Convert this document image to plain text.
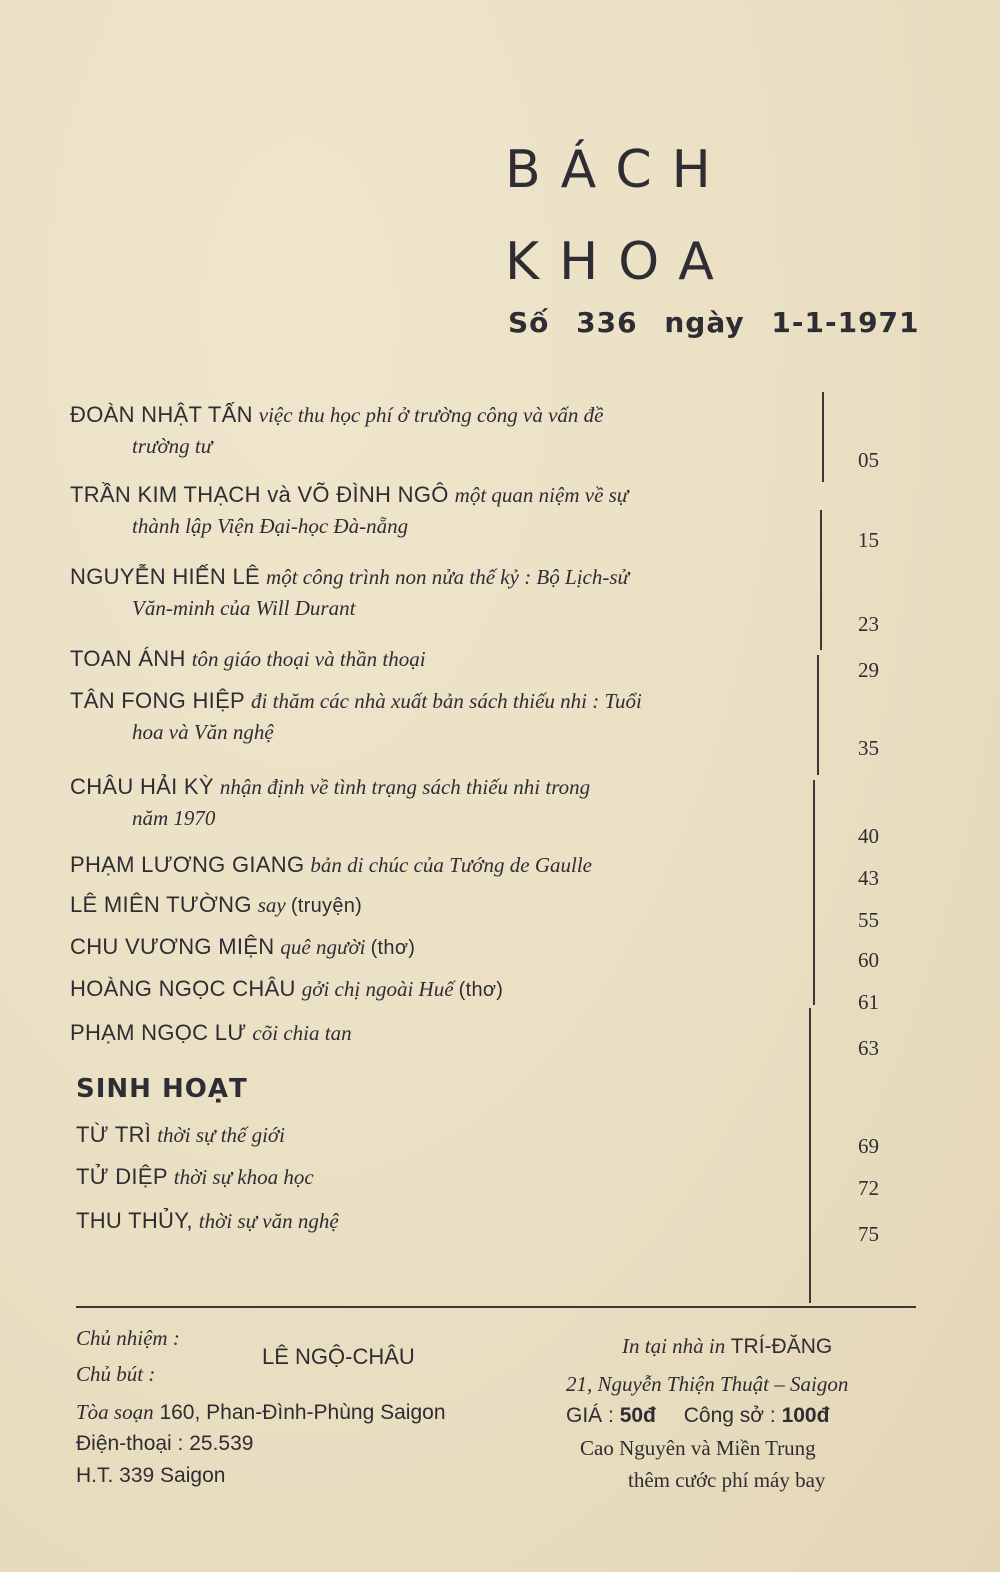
BÁCH
KHOA
Số 336 ngày 1-1-1971
ĐOÀN NHẬT TẤN việc thu học phí ở trường công và vấn đề
trường tư
TRẦN KIM THẠCH và VÕ ĐÌNH NGÔ một quan niệm về sự
thành lập Viện Đại-học Đà-nẵng
NGUYỄN HIẾN LÊ một công trình non nửa thế kỷ : Bộ Lịch-sử
Văn-minh của Will Durant
TOAN ÁNH tôn giáo thoại và thần thoại
TÂN FONG HIỆP đi thăm các nhà xuất bản sách thiếu nhi : Tuổi
hoa và Văn nghệ
CHÂU HẢI KỲ nhận định về tình trạng sách thiếu nhi trong
năm 1970
PHẠM LƯƠNG GIANG bản di chúc của Tướng de Gaulle
LÊ MIÊN TƯỜNG say (truyện)
CHU VƯƠNG MIỆN quê người (thơ)
HOÀNG NGỌC CHÂU gởi chị ngoài Huế (thơ)
PHẠM NGỌC LƯ cõi chia tan
05
15
23
29
35
40
43
55
60
61
63
SINH HOẠT
TỪ TRÌ thời sự thế giới
TỬ DIỆP thời sự khoa học
THU THỦY, thời sự văn nghệ
69
72
75
Chủ nhiệm :
Chủ bút :
LÊ NGỘ-CHÂU
Tòa soạn 160, Phan-Đình-Phùng Saigon
Điện-thoại : 25.539
H.T. 339 Saigon
In tại nhà in TRÍ-ĐĂNG
21, Nguyễn Thiện Thuật – Saigon
GIÁ : 50đ Công sở : 100đ
Cao Nguyên và Miền Trung
thêm cước phí máy bay
